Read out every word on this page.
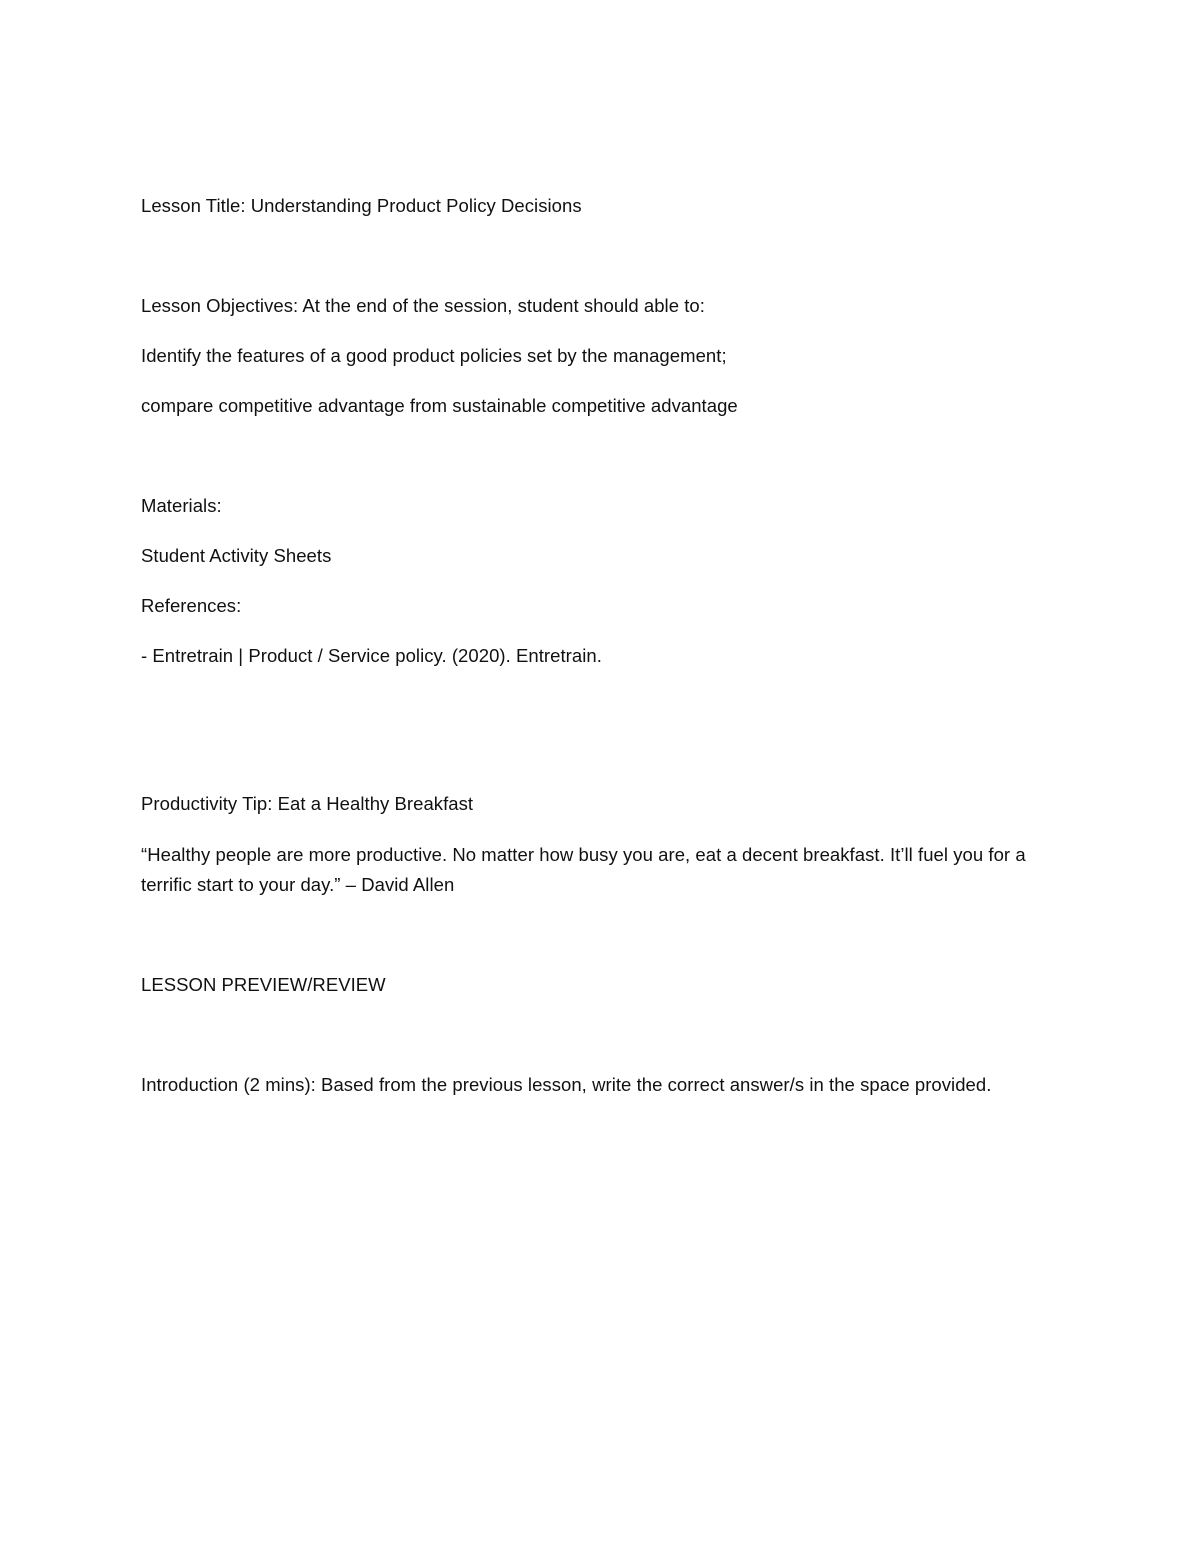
Lesson Title: Understanding Product Policy Decisions

Lesson Objectives: At the end of the session, student should able to:

Identify the features of a good product policies set by the management;

compare competitive advantage from sustainable competitive advantage

Materials:

Student Activity Sheets

References:

- Entretrain | Product / Service policy. (2020). Entretrain.

Productivity Tip: Eat a Healthy Breakfast

“Healthy people are more productive. No matter how busy you are, eat a decent breakfast. It’ll fuel you for a terrific start to your day.” – David Allen

LESSON PREVIEW/REVIEW

Introduction (2 mins): Based from the previous lesson, write the correct answer/s in the space provided.
